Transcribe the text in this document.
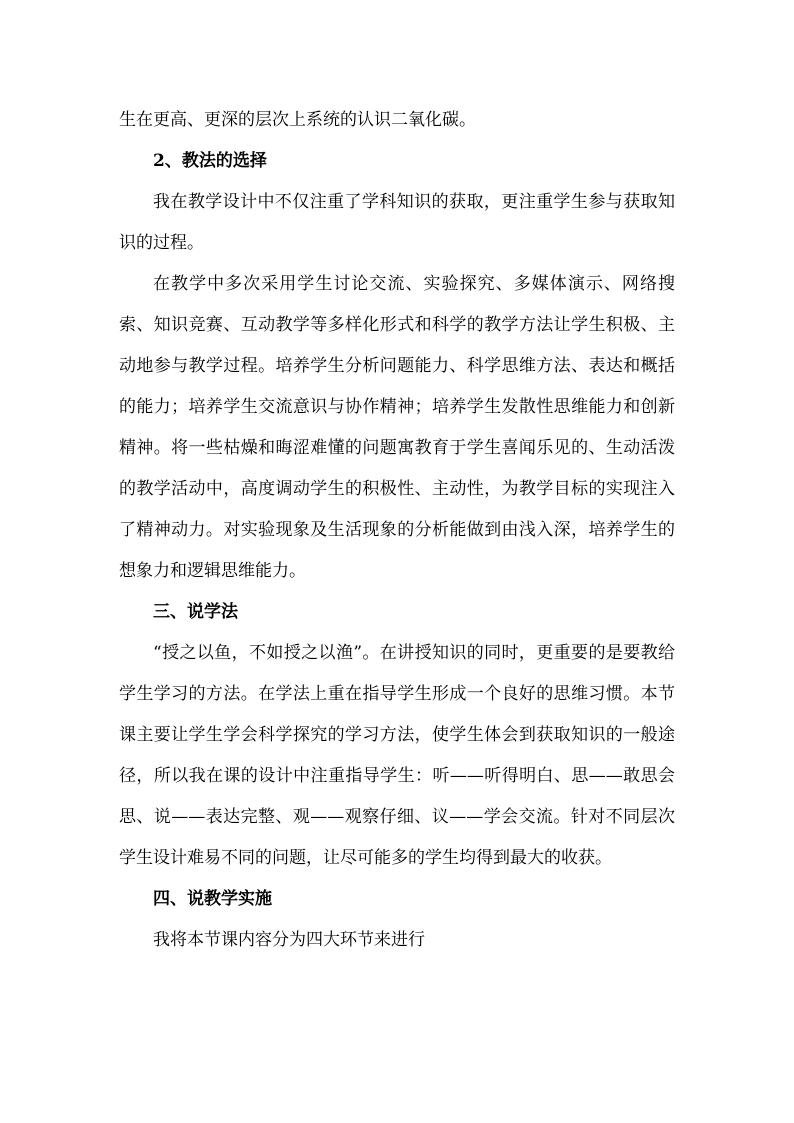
生在更高、更深的层次上系统的认识二氧化碳。

2、教法的选择

我在教学设计中不仅注重了学科知识的获取，更注重学生参与获取知识的过程。

在教学中多次采用学生讨论交流、实验探究、多媒体演示、网络搜索、知识竞赛、互动教学等多样化形式和科学的教学方法让学生积极、主动地参与教学过程。培养学生分析问题能力、科学思维方法、表达和概括的能力；培养学生交流意识与协作精神；培养学生发散性思维能力和创新精神。将一些枯燥和晦涩难懂的问题寓教育于学生喜闻乐见的、生动活泼的教学活动中，高度调动学生的积极性、主动性，为教学目标的实现注入了精神动力。对实验现象及生活现象的分析能做到由浅入深，培养学生的想象力和逻辑思维能力。

三、说学法

“授之以鱼，不如授之以渔”。在讲授知识的同时，更重要的是要教给学生学习的方法。在学法上重在指导学生形成一个良好的思维习惯。本节课主要让学生学会科学探究的学习方法，使学生体会到获取知识的一般途径，所以我在课的设计中注重指导学生：听——听得明白、思——敢思会思、说——表达完整、观——观察仔细、议——学会交流。针对不同层次学生设计难易不同的问题，让尽可能多的学生均得到最大的收获。

四、说教学实施

我将本节课内容分为四大环节来进行
